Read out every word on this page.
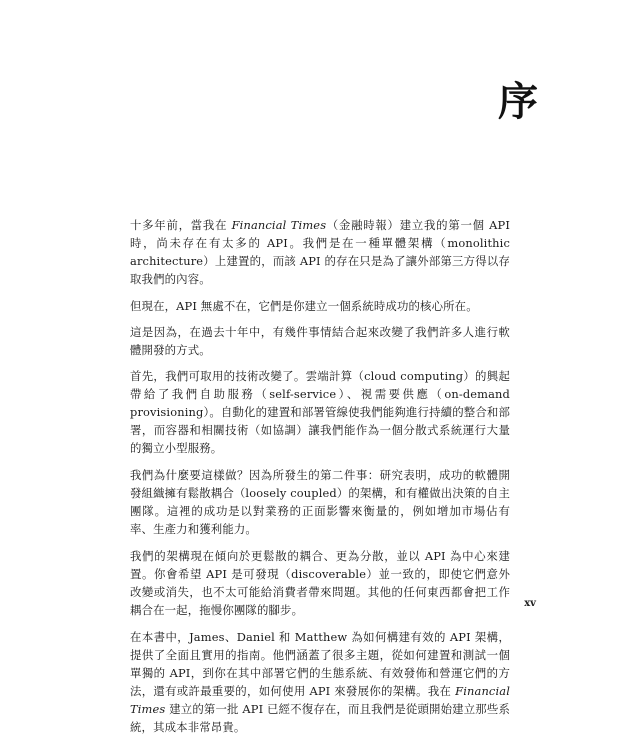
序

十多年前，當我在 Financial Times（金融時報）建立我的第一個 API 時，尚未存在有太多的 API。我們是在一種單體架構（monolithic architecture）上建置的，而該 API 的存在只是為了讓外部第三方得以存取我們的內容。

但現在，API 無處不在，它們是你建立一個系統時成功的核心所在。

這是因為，在過去十年中，有幾件事情結合起來改變了我們許多人進行軟體開發的方式。

首先，我們可取用的技術改變了。雲端計算（cloud computing）的興起帶給了我們自助服務（self-service）、視需要供應（on-demand provisioning）。自動化的建置和部署管線使我們能夠進行持續的整合和部署，而容器和相關技術（如協調）讓我們能作為一個分散式系統運行大量的獨立小型服務。

我們為什麼要這樣做？因為所發生的第二件事：研究表明，成功的軟體開發組織擁有鬆散耦合（loosely coupled）的架構，和有權做出決策的自主團隊。這裡的成功是以對業務的正面影響來衡量的，例如增加市場佔有率、生產力和獲利能力。

我們的架構現在傾向於更鬆散的耦合、更為分散，並以 API 為中心來建置。你會希望 API 是可發現（discoverable）並一致的，即使它們意外改變或消失，也不太可能給消費者帶來問題。其他的任何東西都會把工作耦合在一起，拖慢你團隊的腳步。

在本書中，James、Daniel 和 Matthew 為如何構建有效的 API 架構，提供了全面且實用的指南。他們涵蓋了很多主題，從如何建置和測試一個單獨的 API，到你在其中部署它們的生態系統、有效發佈和營運它們的方法，還有或許最重要的，如何使用 API 來發展你的架構。我在 Financial Times 建立的第一批 API 已經不復存在，而且我們是從頭開始建立那些系統，其成本非常昂貴。

xv
